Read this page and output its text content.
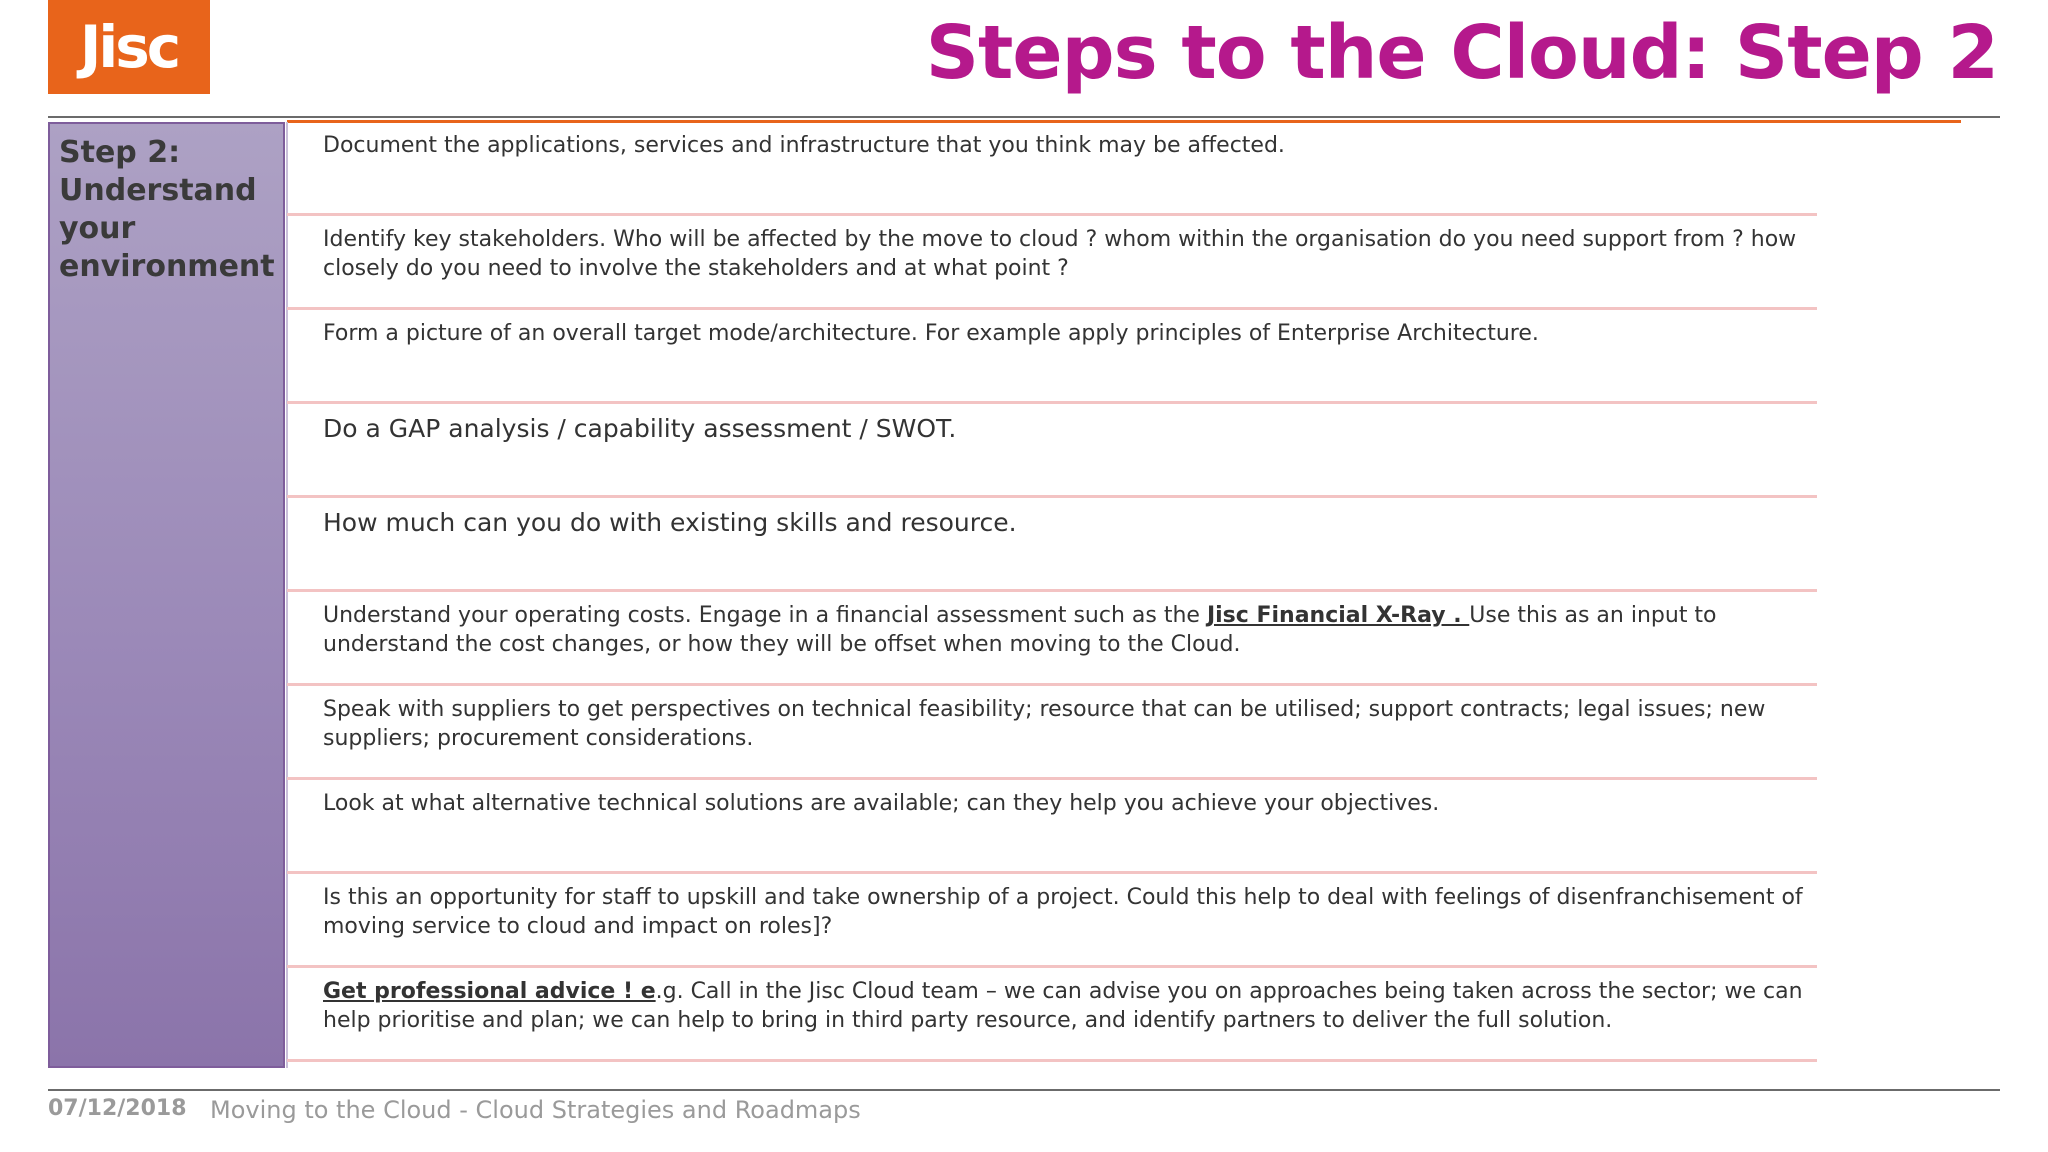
Jisc	Steps to the Cloud: Step 2
Step 2:
Understand
your
environment
Document the applications, services and infrastructure that you think may be affected.
Identify key stakeholders. Who will be affected by the move to cloud ? whom within the organisation do you need support from ? how closely do you need to involve the stakeholders and at what point ?
Form a picture of an overall target mode/architecture. For example apply principles of Enterprise Architecture.
Do a GAP analysis / capability assessment / SWOT.
How much can you do with existing skills and resource.
Understand your operating costs. Engage in a financial assessment such as the Jisc Financial X-Ray . Use this as an input to understand the cost changes, or how they will be offset when moving to the Cloud.
Speak with suppliers to get perspectives on technical feasibility; resource that can be utilised; support contracts; legal issues; new suppliers; procurement considerations.
Look at what alternative technical solutions are available; can they help you achieve your objectives.
Is this an opportunity for staff to upskill and take ownership of a project. Could this help to deal with feelings of disenfranchisement of moving service to cloud and impact on roles]?
Get professional advice ! e.g. Call in the Jisc Cloud team – we can advise you on approaches being taken across the sector; we can help prioritise and plan; we can help to bring in third party resource, and identify partners to deliver the full solution.
07/12/2018 Moving to the Cloud - Cloud Strategies and Roadmaps
